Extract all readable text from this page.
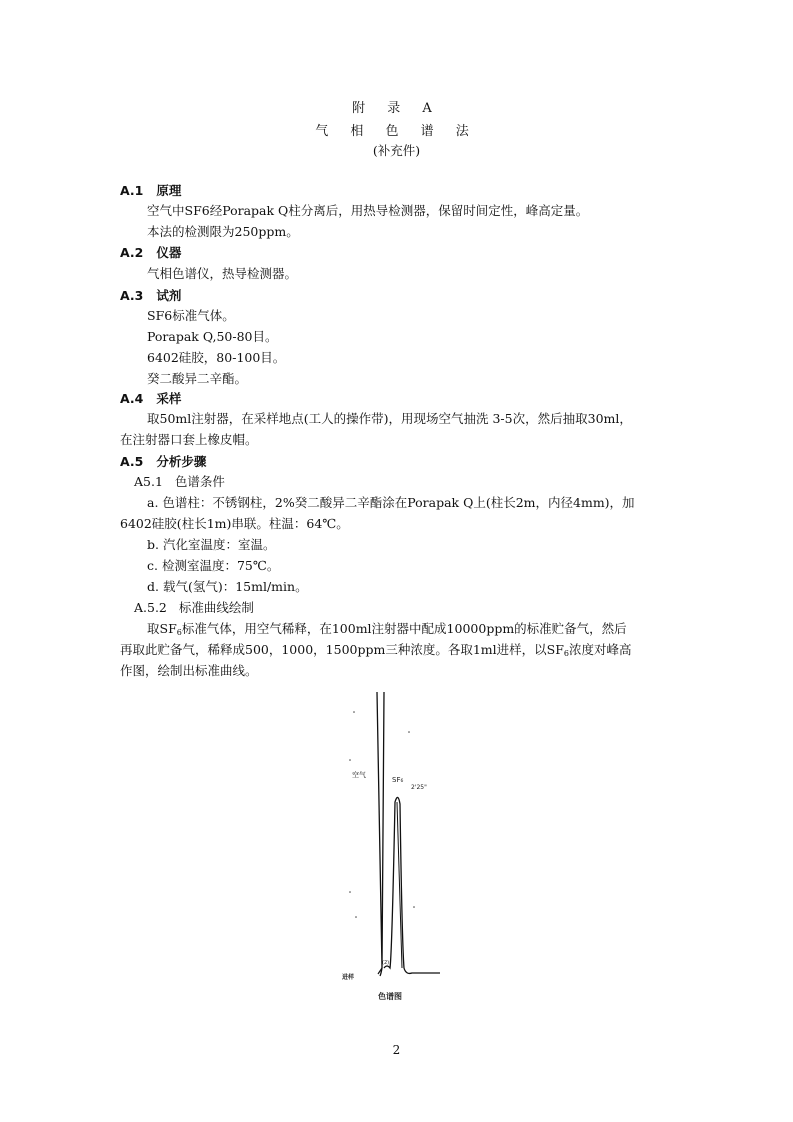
附 录 A
气 相 色 谱 法
(补充件)
A.1 原理
空气中SF6经Porapak Q柱分离后，用热导检测器，保留时间定性，峰高定量。
本法的检测限为250ppm。
A.2 仪器
气相色谱仪，热导检测器。
A.3 试剂
SF6标准气体。
Porapak Q,50-80目。
6402硅胶，80-100目。
癸二酸异二辛酯。
A.4 采样
取50ml注射器，在采样地点(工人的操作带)，用现场空气抽洗 3-5次，然后抽取30ml，
在注射器口套上橡皮帽。
A.5 分析步骤
A5.1 色谱条件
a. 色谱柱：不锈钢柱，2%癸二酸异二辛酯涂在Porapak Q上(柱长2m，内径4mm)，加
6402硅胶(柱长1m)串联。柱温：64℃。
b. 汽化室温度：室温。
c. 检测室温度：75℃。
d. 载气(氢气)：15ml/min。
A.5.2 标准曲线绘制
取$SF_6$标准气体，用空气稀释，在100ml注射器中配成10000ppm的标准贮备气，然后
再取此贮备气，稀释成500，1000，1500ppm三种浓度。各取1ml进样，以$SF_6$浓度对峰高
作图，绘制出标准曲线。
空气
SF₆
2'25"
进样
(2)
色谱图
2
